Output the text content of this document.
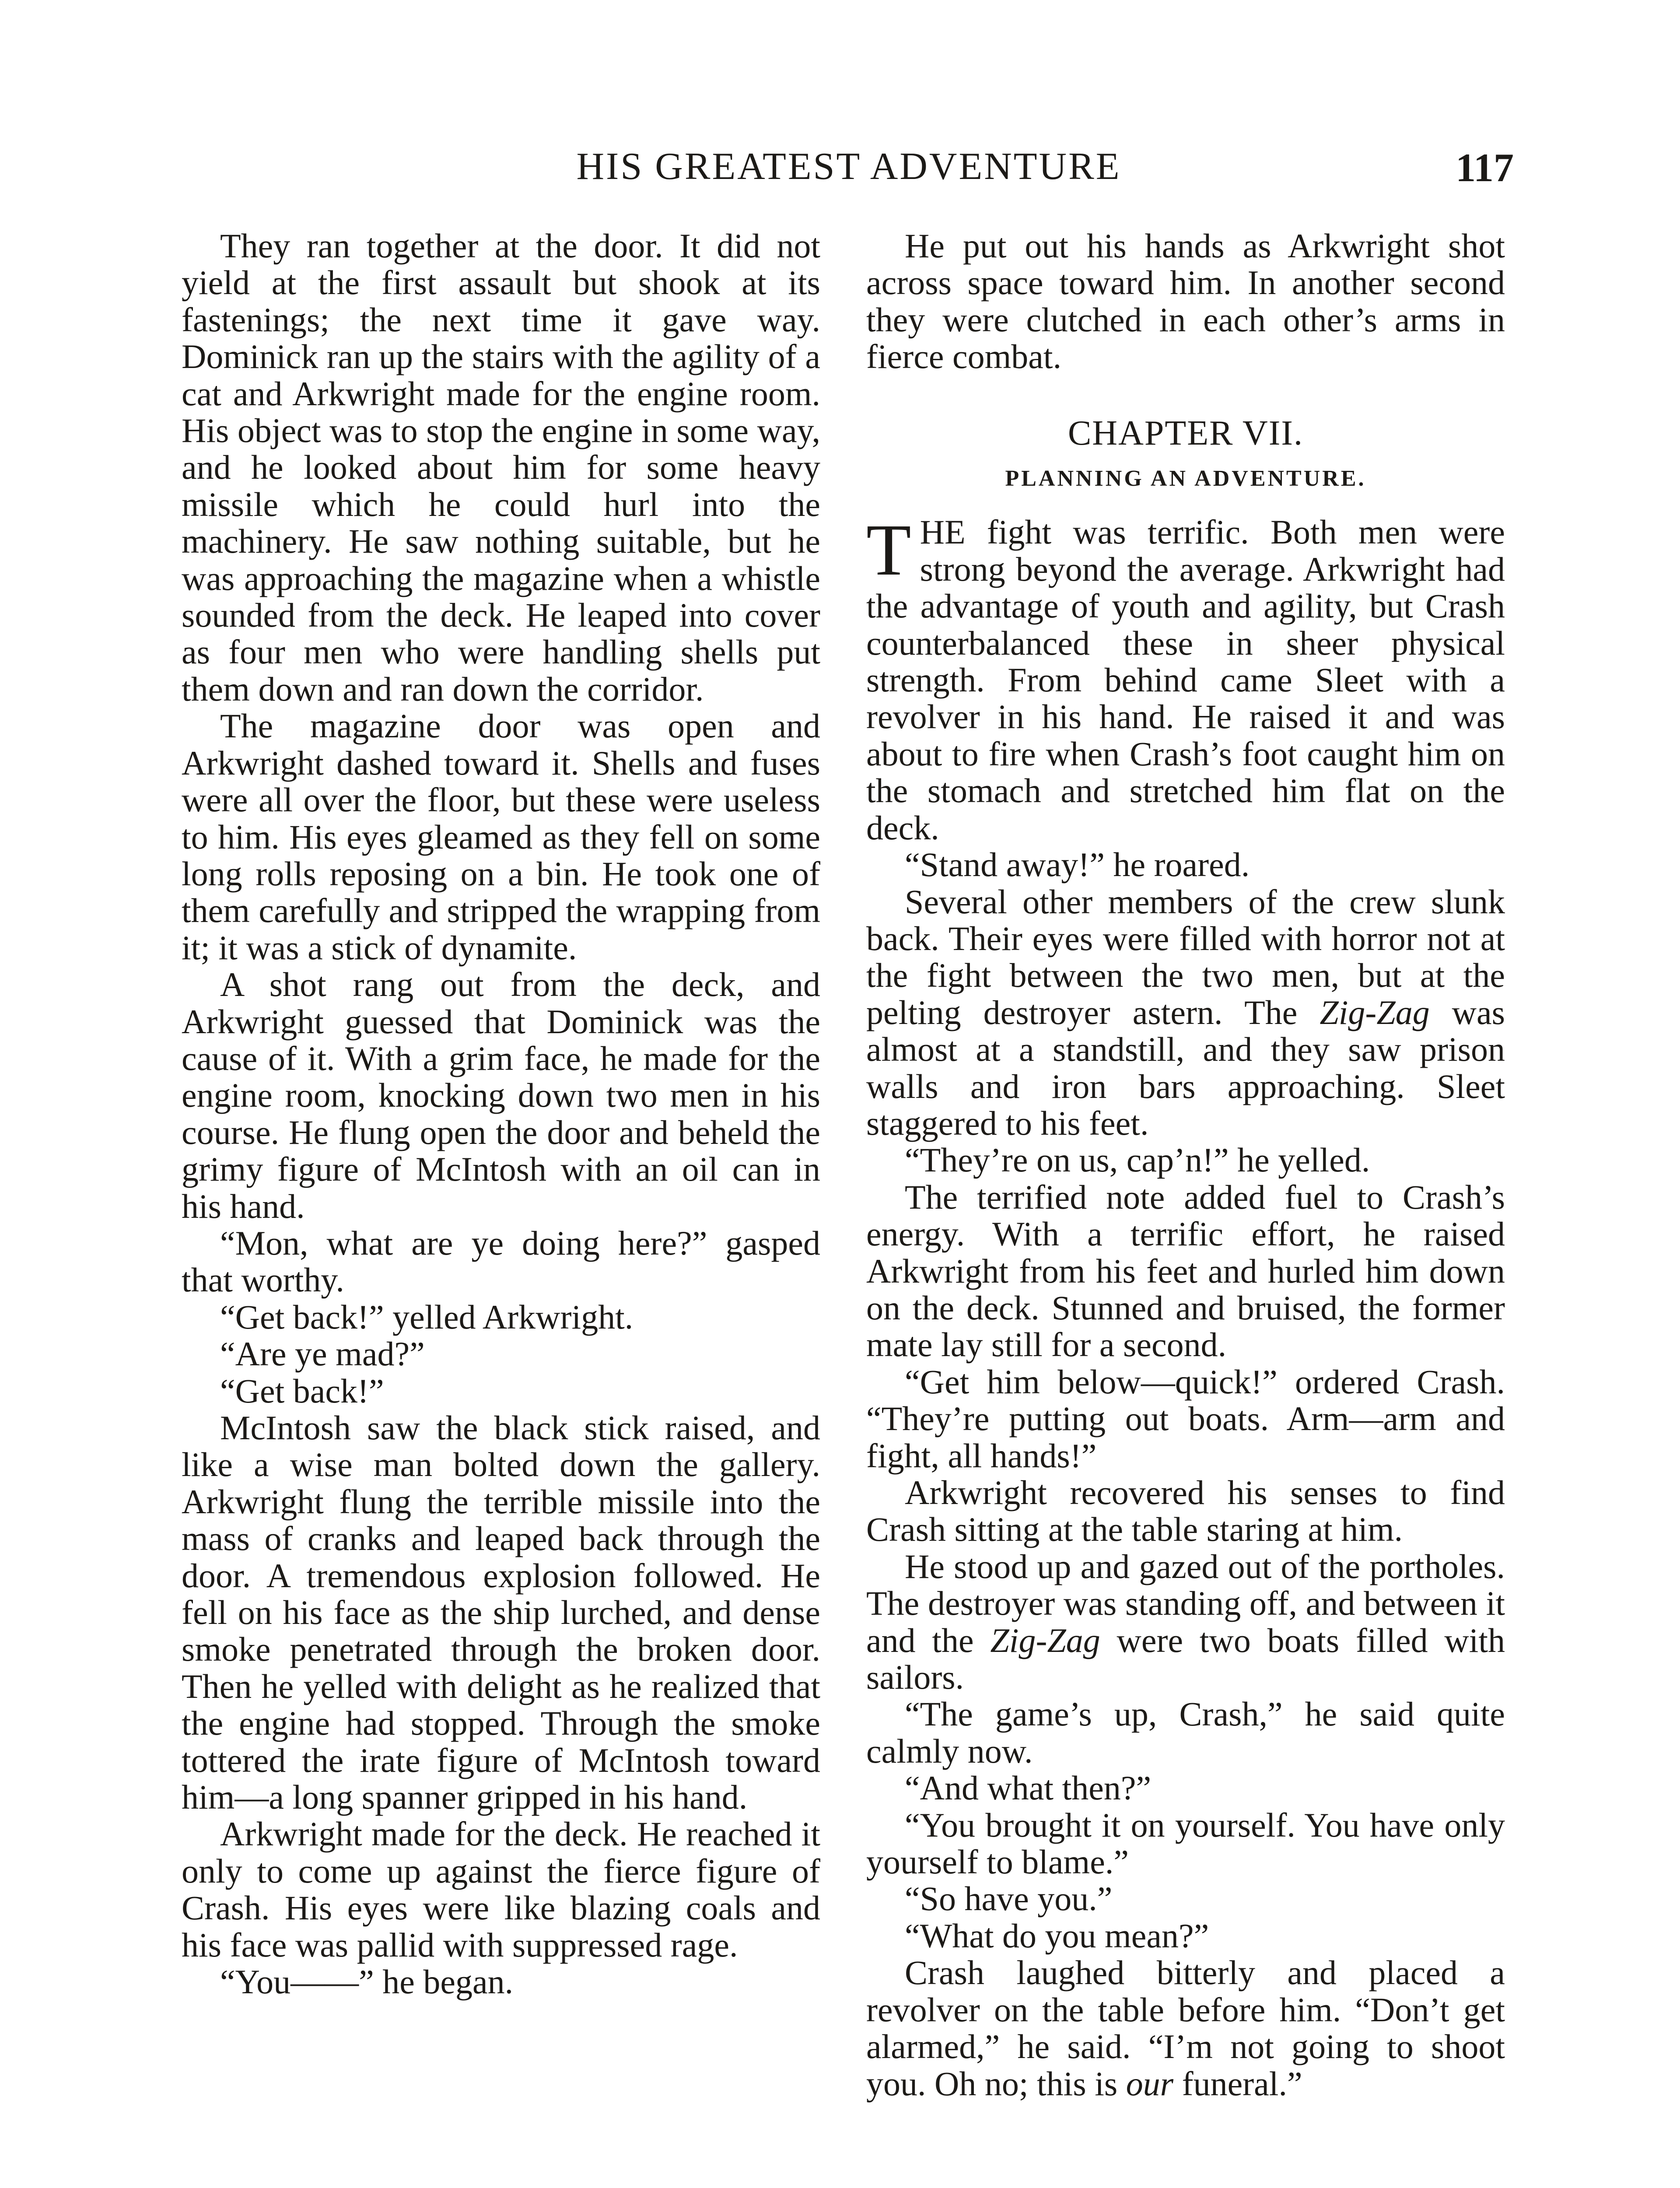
HIS GREATEST ADVENTURE	117

They ran together at the door. It did not yield at the first assault but shook at its fastenings; the next time it gave way. Dominick ran up the stairs with the agility of a cat and Arkwright made for the engine room. His object was to stop the engine in some way, and he looked about him for some heavy missile which he could hurl into the machinery. He saw nothing suitable, but he was approaching the magazine when a whistle sounded from the deck. He leaped into cover as four men who were handling shells put them down and ran down the corridor.

The magazine door was open and Arkwright dashed toward it. Shells and fuses were all over the floor, but these were useless to him. His eyes gleamed as they fell on some long rolls reposing on a bin. He took one of them carefully and stripped the wrapping from it; it was a stick of dynamite.

A shot rang out from the deck, and Arkwright guessed that Dominick was the cause of it. With a grim face, he made for the engine room, knocking down two men in his course. He flung open the door and beheld the grimy figure of McIntosh with an oil can in his hand.

“Mon, what are ye doing here?” gasped that worthy.

“Get back!” yelled Arkwright.

“Are ye mad?”

“Get back!”

McIntosh saw the black stick raised, and like a wise man bolted down the gallery. Arkwright flung the terrible missile into the mass of cranks and leaped back through the door. A tremendous explosion followed. He fell on his face as the ship lurched, and dense smoke penetrated through the broken door. Then he yelled with delight as he realized that the engine had stopped. Through the smoke tottered the irate figure of McIntosh toward him—a long spanner gripped in his hand.

Arkwright made for the deck. He reached it only to come up against the fierce figure of Crash. His eyes were like blazing coals and his face was pallid with suppressed rage.

“You——” he began.

He put out his hands as Arkwright shot across space toward him. In another second they were clutched in each other’s arms in fierce combat.

CHAPTER VII.
PLANNING AN ADVENTURE.

THE fight was terrific. Both men were strong beyond the average. Arkwright had the advantage of youth and agility, but Crash counterbalanced these in sheer physical strength. From behind came Sleet with a revolver in his hand. He raised it and was about to fire when Crash’s foot caught him on the stomach and stretched him flat on the deck.

“Stand away!” he roared.

Several other members of the crew slunk back. Their eyes were filled with horror not at the fight between the two men, but at the pelting destroyer astern. The Zig-Zag was almost at a standstill, and they saw prison walls and iron bars approaching. Sleet staggered to his feet.

“They’re on us, cap’n!” he yelled.

The terrified note added fuel to Crash’s energy. With a terrific effort, he raised Arkwright from his feet and hurled him down on the deck. Stunned and bruised, the former mate lay still for a second.

“Get him below—quick!” ordered Crash. “They’re putting out boats. Arm—arm and fight, all hands!”

Arkwright recovered his senses to find Crash sitting at the table staring at him.

He stood up and gazed out of the portholes. The destroyer was standing off, and between it and the Zig-Zag were two boats filled with sailors.

“The game’s up, Crash,” he said quite calmly now.

“And what then?”

“You brought it on yourself. You have only yourself to blame.”

“So have you.”

“What do you mean?”

Crash laughed bitterly and placed a revolver on the table before him. “Don’t get alarmed,” he said. “I’m not going to shoot you. Oh no; this is our funeral.”
